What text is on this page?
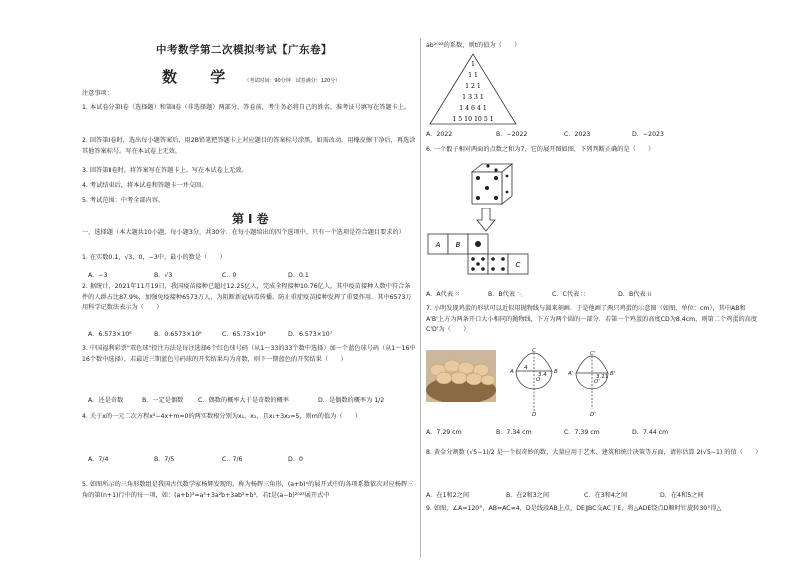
中考数学第二次模拟考试【广东卷】
数 学 （考试时间：90分钟　试卷满分：120分）
注意事项：
1. 本试卷分第Ⅰ卷（选择题）和第Ⅱ卷（非选择题）两部分。答卷前，考生务必将自己的姓名、准考证号填写在答题卡上。
2. 回答第Ⅰ卷时，选出每小题答案后，用2B铅笔把答题卡上对应题目的答案标号涂黑，如需改动，用橡皮擦干净后，再选涂其他答案标号。写在本试卷上无效。
3. 回答第Ⅱ卷时，将答案写在答题卡上。写在本试卷上无效。
4. 考试结束后，将本试卷和答题卡一并交回。
5. 考试范围：中考全部内容。
第Ⅰ卷
一、选择题（本大题共10小题，每小题3分，共30分．在每小题给出的四个选项中，只有一个选项是符合题目要求的）
1. 在实数0.1，√3，0，−3中，最小的数是（　　）
A．−3	B．√3	C．0	D．0.1
2. 据统计，2021年11月19日，我国疫苗接种已超过12.25亿人，完成全程接种10.76亿人，其中疫苗接种人数中符合条件的人群占比87.9%，加强免疫接种6573万人，为阻断新冠病毒传播、防止重症疫苗接种发挥了重要作用．其中6573万用科学记数法表示为（　　）
A．6.573×10⁶	B．0.6573×10⁸	C．65.73×10⁴	D．6.573×10⁷
3. 中国福利彩票"双色球"投注方法是每注选择6个红色球号码（从1～33的33个数中选择）加一个蓝色球号码（从1～16中16个数中选择），若最近三期蓝色号码球的开奖结果均为奇数，则下一期蓝色的开奖结果（　　）
A．还是奇数	B．一定是偶数 C．偶数的概率大于是奇数的概率	D．是偶数的概率为 1/2
4. 关于x的一元二次方程x²−4x+m=0的两实数根分别为x₁、x₂，且x₁+3x₂=5，则m的值为（　　）
A．7/4	B．7/5	C．7/6	D．0
5. 如图所示的三角形数组是我国古代数学家杨辉发现的，称为杨辉三角形，(a+b)ⁿ的展开式中的各项系数依次对应杨辉三角的第(n+1)行中的每一项，如：(a+b)³=a³+3a²b+3ab²+b³，若t是(a−b)²⁰²³展开式中
ab²⁰²²的系数，则t的值为（　　）
1
1 1
1 2 1
1 3 3 1
1 4 6 4 1
1 5 10 10 5 1
A．2022	B．−2022	C．2023	D．−2023
6. 一个骰子相对两面的点数之和为7，它的展开图如图，下列判断正确的是（　　）
A B
C
A．A代表 ⁙	B．B代表 ⋱	C．C代表 ∷	D．B代表 ⁞⁞
7. 小明发现鸡蛋的形状可以近似用抛物线与圆来刻画．于是他画了两只鸡蛋的示意图（如图，单位：cm），其中AB和A'B'上方为两条开口大小相同的抛物线，下方为两个圆的一部分．若第一个鸡蛋的高度CD为8.4cm，则第二个鸡蛋的高度C'D'为（　　）
C
D
A	B
O
C'
D'
A'	B'
O'
4
3.4	3.21
A．7.29 cm	B．7.34 cm	C．7.39 cm	D．7.44 cm
8. 黄金分割数 (√5−1)/2 是一个很奇妙的数，大量应用于艺术、建筑和统计决策等方面，请你估算 2(√5−1) 的值（　　）
A．在1和2之间	B．在2和3之间	C．在3和4之间	D．在4和5之间
9. 如图，∠A=120°，AB=AC=4，D是线段AB上点，DE∥BC交AC于E，将△ADE绕点D顺时针旋转30°得△
